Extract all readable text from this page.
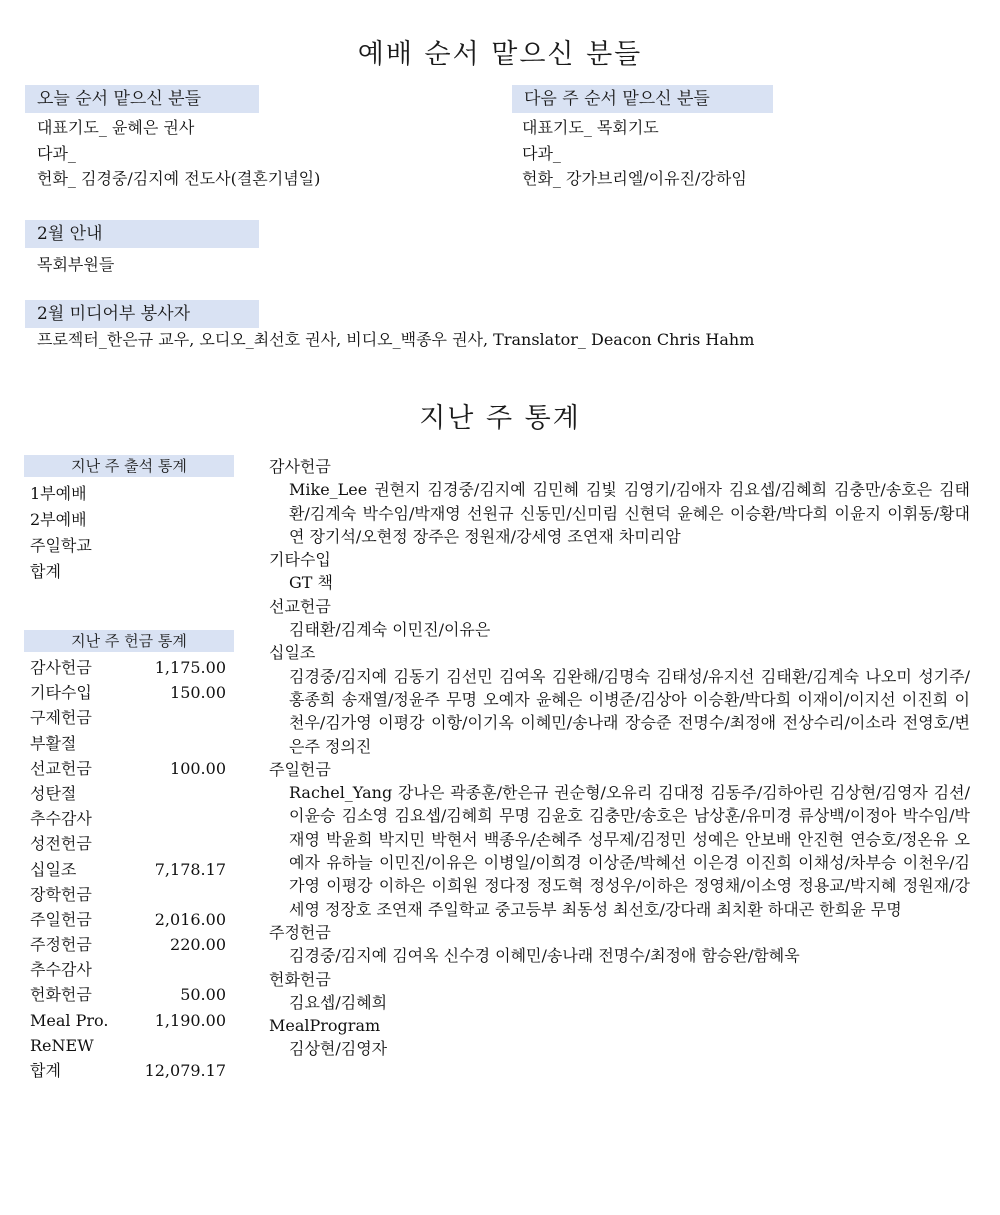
예배 순서 맡으신 분들
오늘 순서 맡으신 분들
대표기도_ 윤혜은 권사
다과_
헌화_ 김경중/김지예 전도사(결혼기념일)
다음 주 순서 맡으신 분들
대표기도_ 목회기도
다과_
헌화_ 강가브리엘/이유진/강하임
2월 안내
목회부원들
2월 미디어부 봉사자
프로젝터_한은규 교우, 오디오_최선호 권사, 비디오_백종우 권사, Translator_ Deacon Chris Hahm
지난 주 통계
지난 주 출석 통계
1부예배
2부예배
주일학교
합계
지난 주 헌금 통계
감사헌금	1,175.00
기타수입	150.00
구제헌금
부활절
선교헌금	100.00
성탄절
추수감사
성전헌금
십일조	7,178.17
장학헌금
주일헌금	2,016.00
주정헌금	220.00
추수감사
헌화헌금	50.00
Meal Pro.	1,190.00
ReNEW
합계	12,079.17
감사헌금
Mike_Lee 권현지 김경중/김지예 김민혜 김빛 김영기/김애자 김요셉/김혜희 김충만/송호은 김태환/김계숙 박수임/박재영 선원규 신동민/신미림 신현덕 윤혜은 이승환/박다희 이윤지 이휘동/황대연 장기석/오현정 장주은 정원재/강세영 조연재 차미리암
기타수입
GT 책
선교헌금
김태환/김계숙 이민진/이유은
십일조
김경중/김지예 김동기 김선민 김여옥 김완해/김명숙 김태성/유지선 김태환/김계숙 나오미 성기주/홍종희 송재열/정윤주 무명 오예자 윤혜은 이병준/김상아 이승환/박다희 이재이/이지선 이진희 이천우/김가영 이평강 이항/이기옥 이혜민/송나래 장승준 전명수/최정애 전상수리/이소라 전영호/변은주 정의진
주일헌금
Rachel_Yang 강나은 곽종훈/한은규 권순형/오유리 김대정 김동주/김하아린 김상현/김영자 김션/이윤승 김소영 김요셉/김혜희 무명 김윤호 김충만/송호은 남상훈/유미경 류상백/이정아 박수임/박재영 박윤희 박지민 박현서 백종우/손혜주 성무제/김정민 성예은 안보배 안진현 연승호/정온유 오예자 유하늘 이민진/이유은 이병일/이희경 이상준/박혜선 이은경 이진희 이채성/차부승 이천우/김가영 이평강 이하은 이희원 정다정 정도혁 정성우/이하은 정영채/이소영 정용교/박지혜 정원재/강세영 정장호 조연재 주일학교 중고등부 최동성 최선호/강다래 최치환 하대곤 한희윤 무명
주정헌금
김경중/김지예 김여옥 신수경 이혜민/송나래 전명수/최정애 함승완/함혜욱
헌화헌금
김요셉/김혜희
MealProgram
김상현/김영자
